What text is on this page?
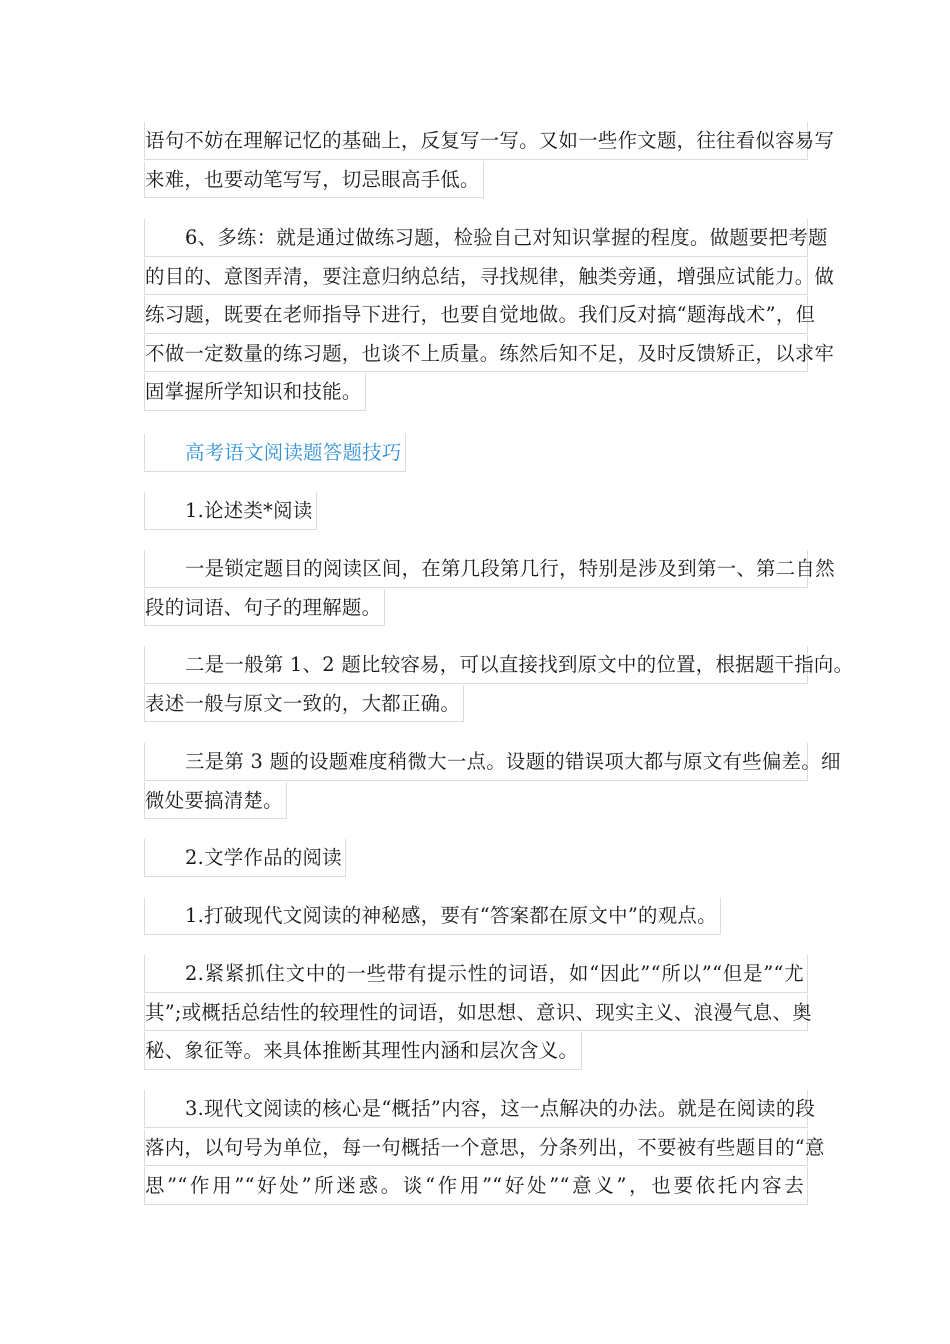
语句不妨在理解记忆的基础上，反复写一写。又如一些作文题，往往看似容易写
来难，也要动笔写写，切忌眼高手低。
6、多练：就是通过做练习题，检验自己对知识掌握的程度。做题要把考题
的目的、意图弄清，要注意归纳总结，寻找规律，触类旁通，增强应试能力。做
练习题，既要在老师指导下进行，也要自觉地做。我们反对搞“题海战术”，但
不做一定数量的练习题，也谈不上质量。练然后知不足，及时反馈矫正，以求牢
固掌握所学知识和技能。
高考语文阅读题答题技巧
1.论述类*阅读
一是锁定题目的阅读区间，在第几段第几行，特别是涉及到第一、第二自然
段的词语、句子的理解题。
二是一般第 1、2 题比较容易，可以直接找到原文中的位置，根据题干指向。
表述一般与原文一致的，大都正确。
三是第 3 题的设题难度稍微大一点。设题的错误项大都与原文有些偏差。细
微处要搞清楚。
2.文学作品的阅读
1.打破现代文阅读的神秘感，要有“答案都在原文中”的观点。
2.紧紧抓住文中的一些带有提示性的词语，如“因此”“所以”“但是”“尤
其”;或概括总结性的较理性的词语，如思想、意识、现实主义、浪漫气息、奥
秘、象征等。来具体推断其理性内涵和层次含义。
3.现代文阅读的核心是“概括”内容，这一点解决的办法。就是在阅读的段
落内，以句号为单位，每一句概括一个意思，分条列出，不要被有些题目的“意
思”“作用”“好处”所迷惑。谈“作用”“好处”“意义”，也要依托内容去
